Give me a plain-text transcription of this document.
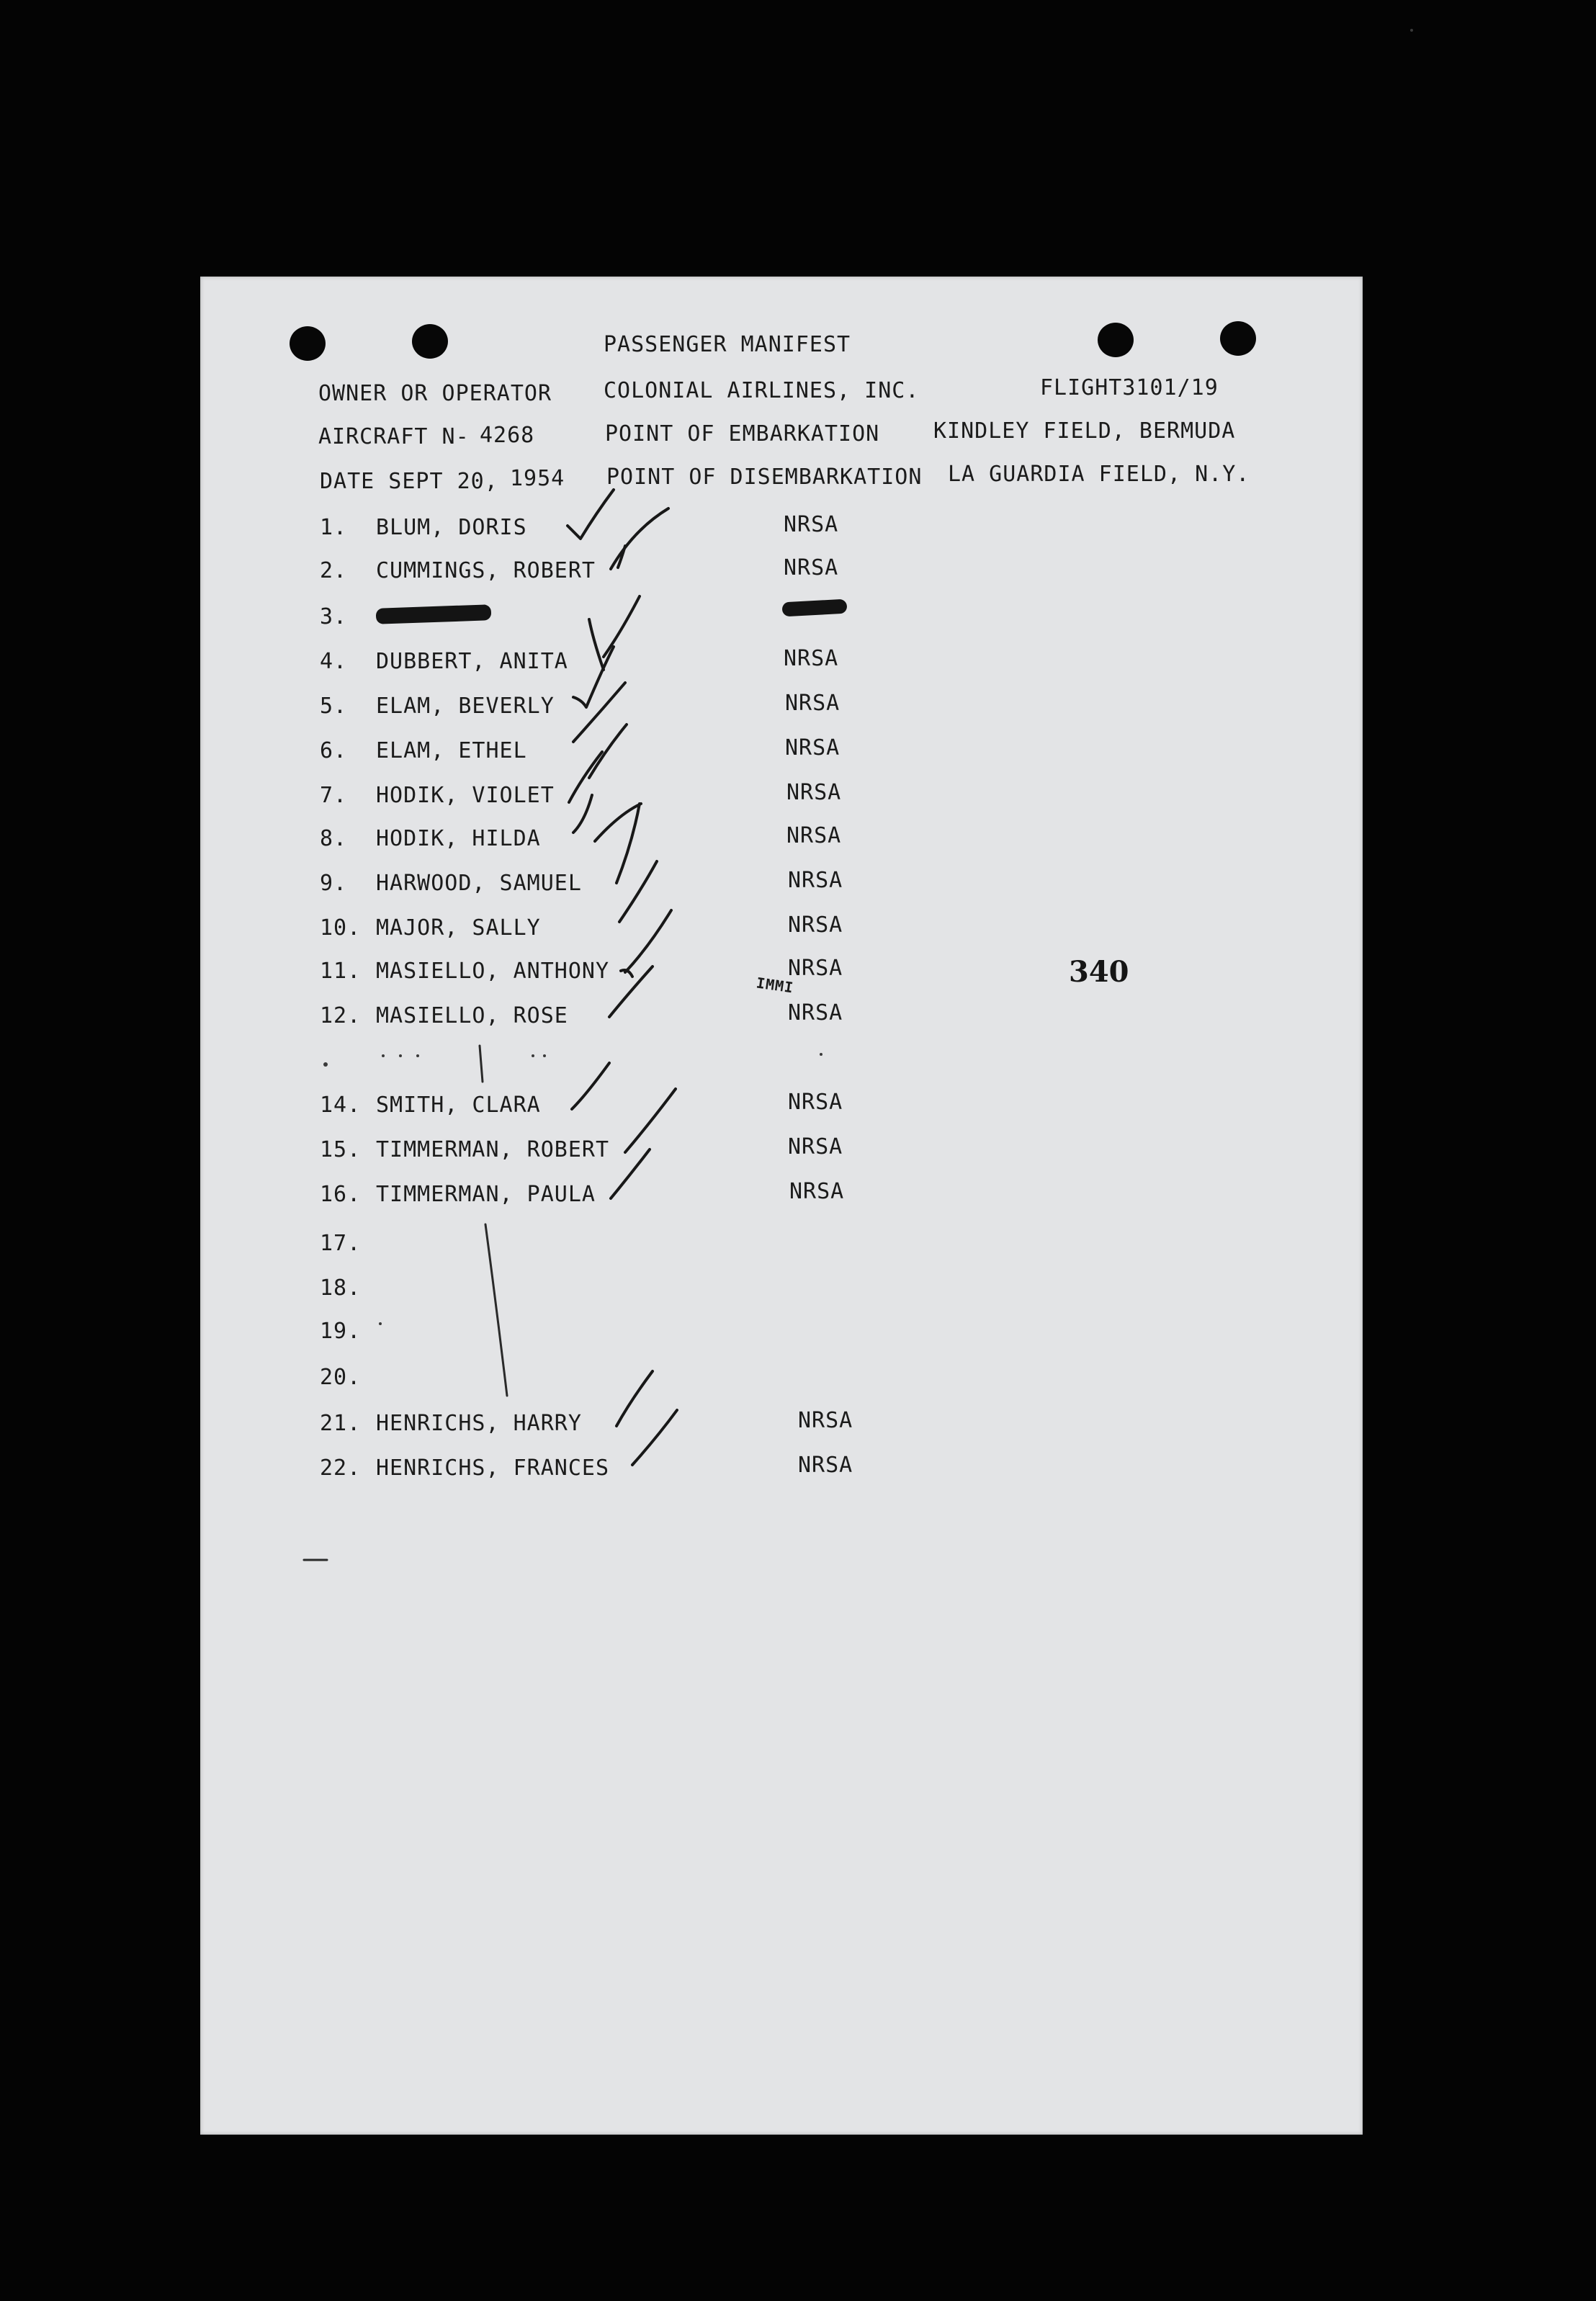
PASSENGER MANIFEST
OWNER OR OPERATOR COLONIAL AIRLINES, INC.	FLIGHT3101/19
AIRCRAFT N- 4268	POINT OF EMBARKATION KINDLEY FIELD, BERMUDA
DATE SEPT 20, 1954 POINT OF DISEMBARKATION LA GUARDIA FIELD, N.Y.
1. BLUM, DORIS	NRSA
2. CUMMINGS, ROBERT	NRSA
3.
4. DUBBERT, ANITA	NRSA
5. ELAM, BEVERLY	NRSA
6. ELAM, ETHEL	NRSA
7. HODIK, VIOLET	NRSA
8. HODIK, HILDA	NRSA
9. HARWOOD, SAMUEL	NRSA
10. MAJOR, SALLY	NRSA
11. MASIELLO, ANTHONY	NRSA
12. MASIELLO, ROSE	NRSA
14. SMITH, CLARA	NRSA
15. TIMMERMAN, ROBERT	NRSA
16. TIMMERMAN, PAULA	NRSA
17.
18.
19.
20.
21. HENRICHS, HARRY	NRSA
22. HENRICHS, FRANCES	NRSA
340
IMMI
